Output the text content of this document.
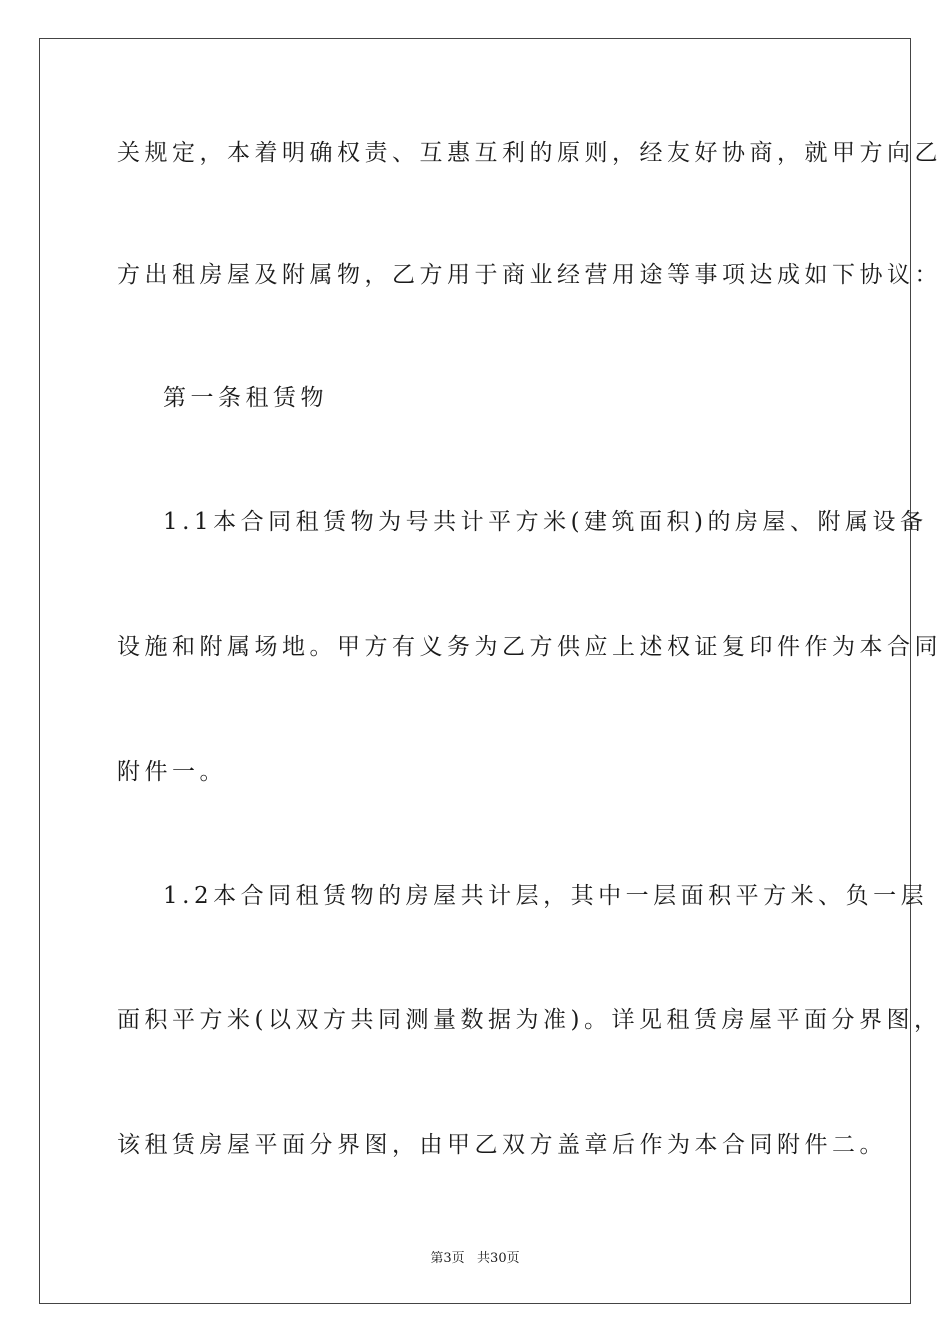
关规定，本着明确权责、互惠互利的原则，经友好协商，就甲方向乙
方出租房屋及附属物，乙方用于商业经营用途等事项达成如下协议：
第一条租赁物
1.1本合同租赁物为号共计平方米(建筑面积)的房屋、附属设备
设施和附属场地。甲方有义务为乙方供应上述权证复印件作为本合同
附件一。
1.2本合同租赁物的房屋共计层，其中一层面积平方米、负一层
面积平方米(以双方共同测量数据为准)。详见租赁房屋平面分界图，
该租赁房屋平面分界图，由甲乙双方盖章后作为本合同附件二。
第3页   共30页
